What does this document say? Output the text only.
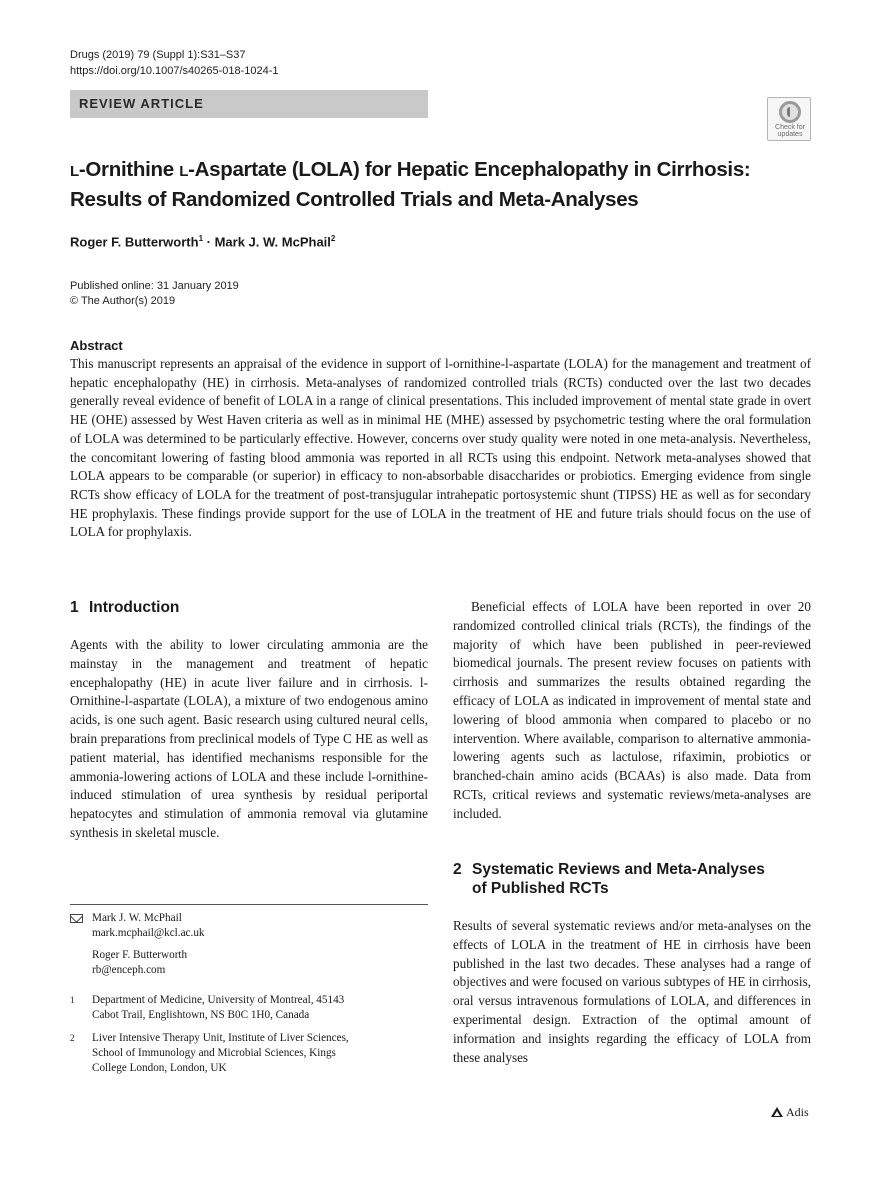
Drugs (2019) 79 (Suppl 1):S31–S37
https://doi.org/10.1007/s40265-018-1024-1
REVIEW ARTICLE
Check for
updates
L-Ornithine L-Aspartate (LOLA) for Hepatic Encephalopathy in Cirrhosis:
Results of Randomized Controlled Trials and Meta-Analyses
Roger F. Butterworth$^1$ · Mark J. W. McPhail$^2$
Published online: 31 January 2019
© The Author(s) 2019
Abstract

This manuscript represents an appraisal of the evidence in support of l-ornithine-l-aspartate (LOLA) for the management and treatment of hepatic encephalopathy (HE) in cirrhosis. Meta-analyses of randomized controlled trials (RCTs) conducted over the last two decades generally reveal evidence of benefit of LOLA in a range of clinical presentations. This included improvement of mental state grade in overt HE (OHE) assessed by West Haven criteria as well as in minimal HE (MHE) assessed by psychometric testing where the oral formulation of LOLA was determined to be particularly effective. However, concerns over study quality were noted in one meta-analysis. Nevertheless, the concomitant lowering of fasting blood ammonia was reported in all RCTs using this endpoint. Network meta-analyses showed that LOLA appears to be comparable (or superior) in efficacy to non-absorbable disaccharides or probiotics. Emerging evidence from single RCTs show efficacy of LOLA for the treatment of post-transjugular intrahepatic portosystemic shunt (TIPSS) HE as well as for secondary HE prophylaxis. These findings provide support for the use of LOLA in the treatment of HE and future trials should focus on the use of LOLA for prophylaxis.

1 Introduction

Agents with the ability to lower circulating ammonia are the mainstay in the management and treatment of hepatic encephalopathy (HE) in acute liver failure and in cirrhosis. l-Ornithine-l-aspartate (LOLA), a mixture of two endogenous amino acids, is one such agent. Basic research using cultured neural cells, brain preparations from preclinical models of Type C HE as well as patient material, has identified mechanisms responsible for the ammonia-lowering actions of LOLA and these include l-ornithine-induced stimulation of urea synthesis by residual periportal hepatocytes and stimulation of ammonia removal via glutamine synthesis in skeletal muscle.

Beneficial effects of LOLA have been reported in over 20 randomized controlled clinical trials (RCTs), the findings of the majority of which have been published in peer-reviewed biomedical journals. The present review focuses on patients with cirrhosis and summarizes the results obtained regarding the efficacy of LOLA as indicated in improvement of mental state and lowering of blood ammonia when compared to placebo or no intervention. Where available, comparison to alternative ammonia-lowering agents such as lactulose, rifaximin, probiotics or branched-chain amino acids (BCAAs) is also made. Data from RCTs, critical reviews and systematic reviews/meta-analyses are included.

2 Systematic Reviews and Meta-Analyses
of Published RCTs

Results of several systematic reviews and/or meta-analyses on the effects of LOLA in the treatment of HE in cirrhosis have been published in the last two decades. These analyses had a range of objectives and were focused on various subtypes of HE in cirrhosis, oral versus intravenous formulations of LOLA, and differences in experimental design. Extraction of the optimal amount of information and insights regarding the efficacy of LOLA from these analyses

Mark J. W. McPhail
mark.mcphail@kcl.ac.uk
Roger F. Butterworth
rb@enceph.com
1 Department of Medicine, University of Montreal, 45143
Cabot Trail, Englishtown, NS B0C 1H0, Canada
2 Liver Intensive Therapy Unit, Institute of Liver Sciences,
School of Immunology and Microbial Sciences, Kings
College London, London, UK
Adis
